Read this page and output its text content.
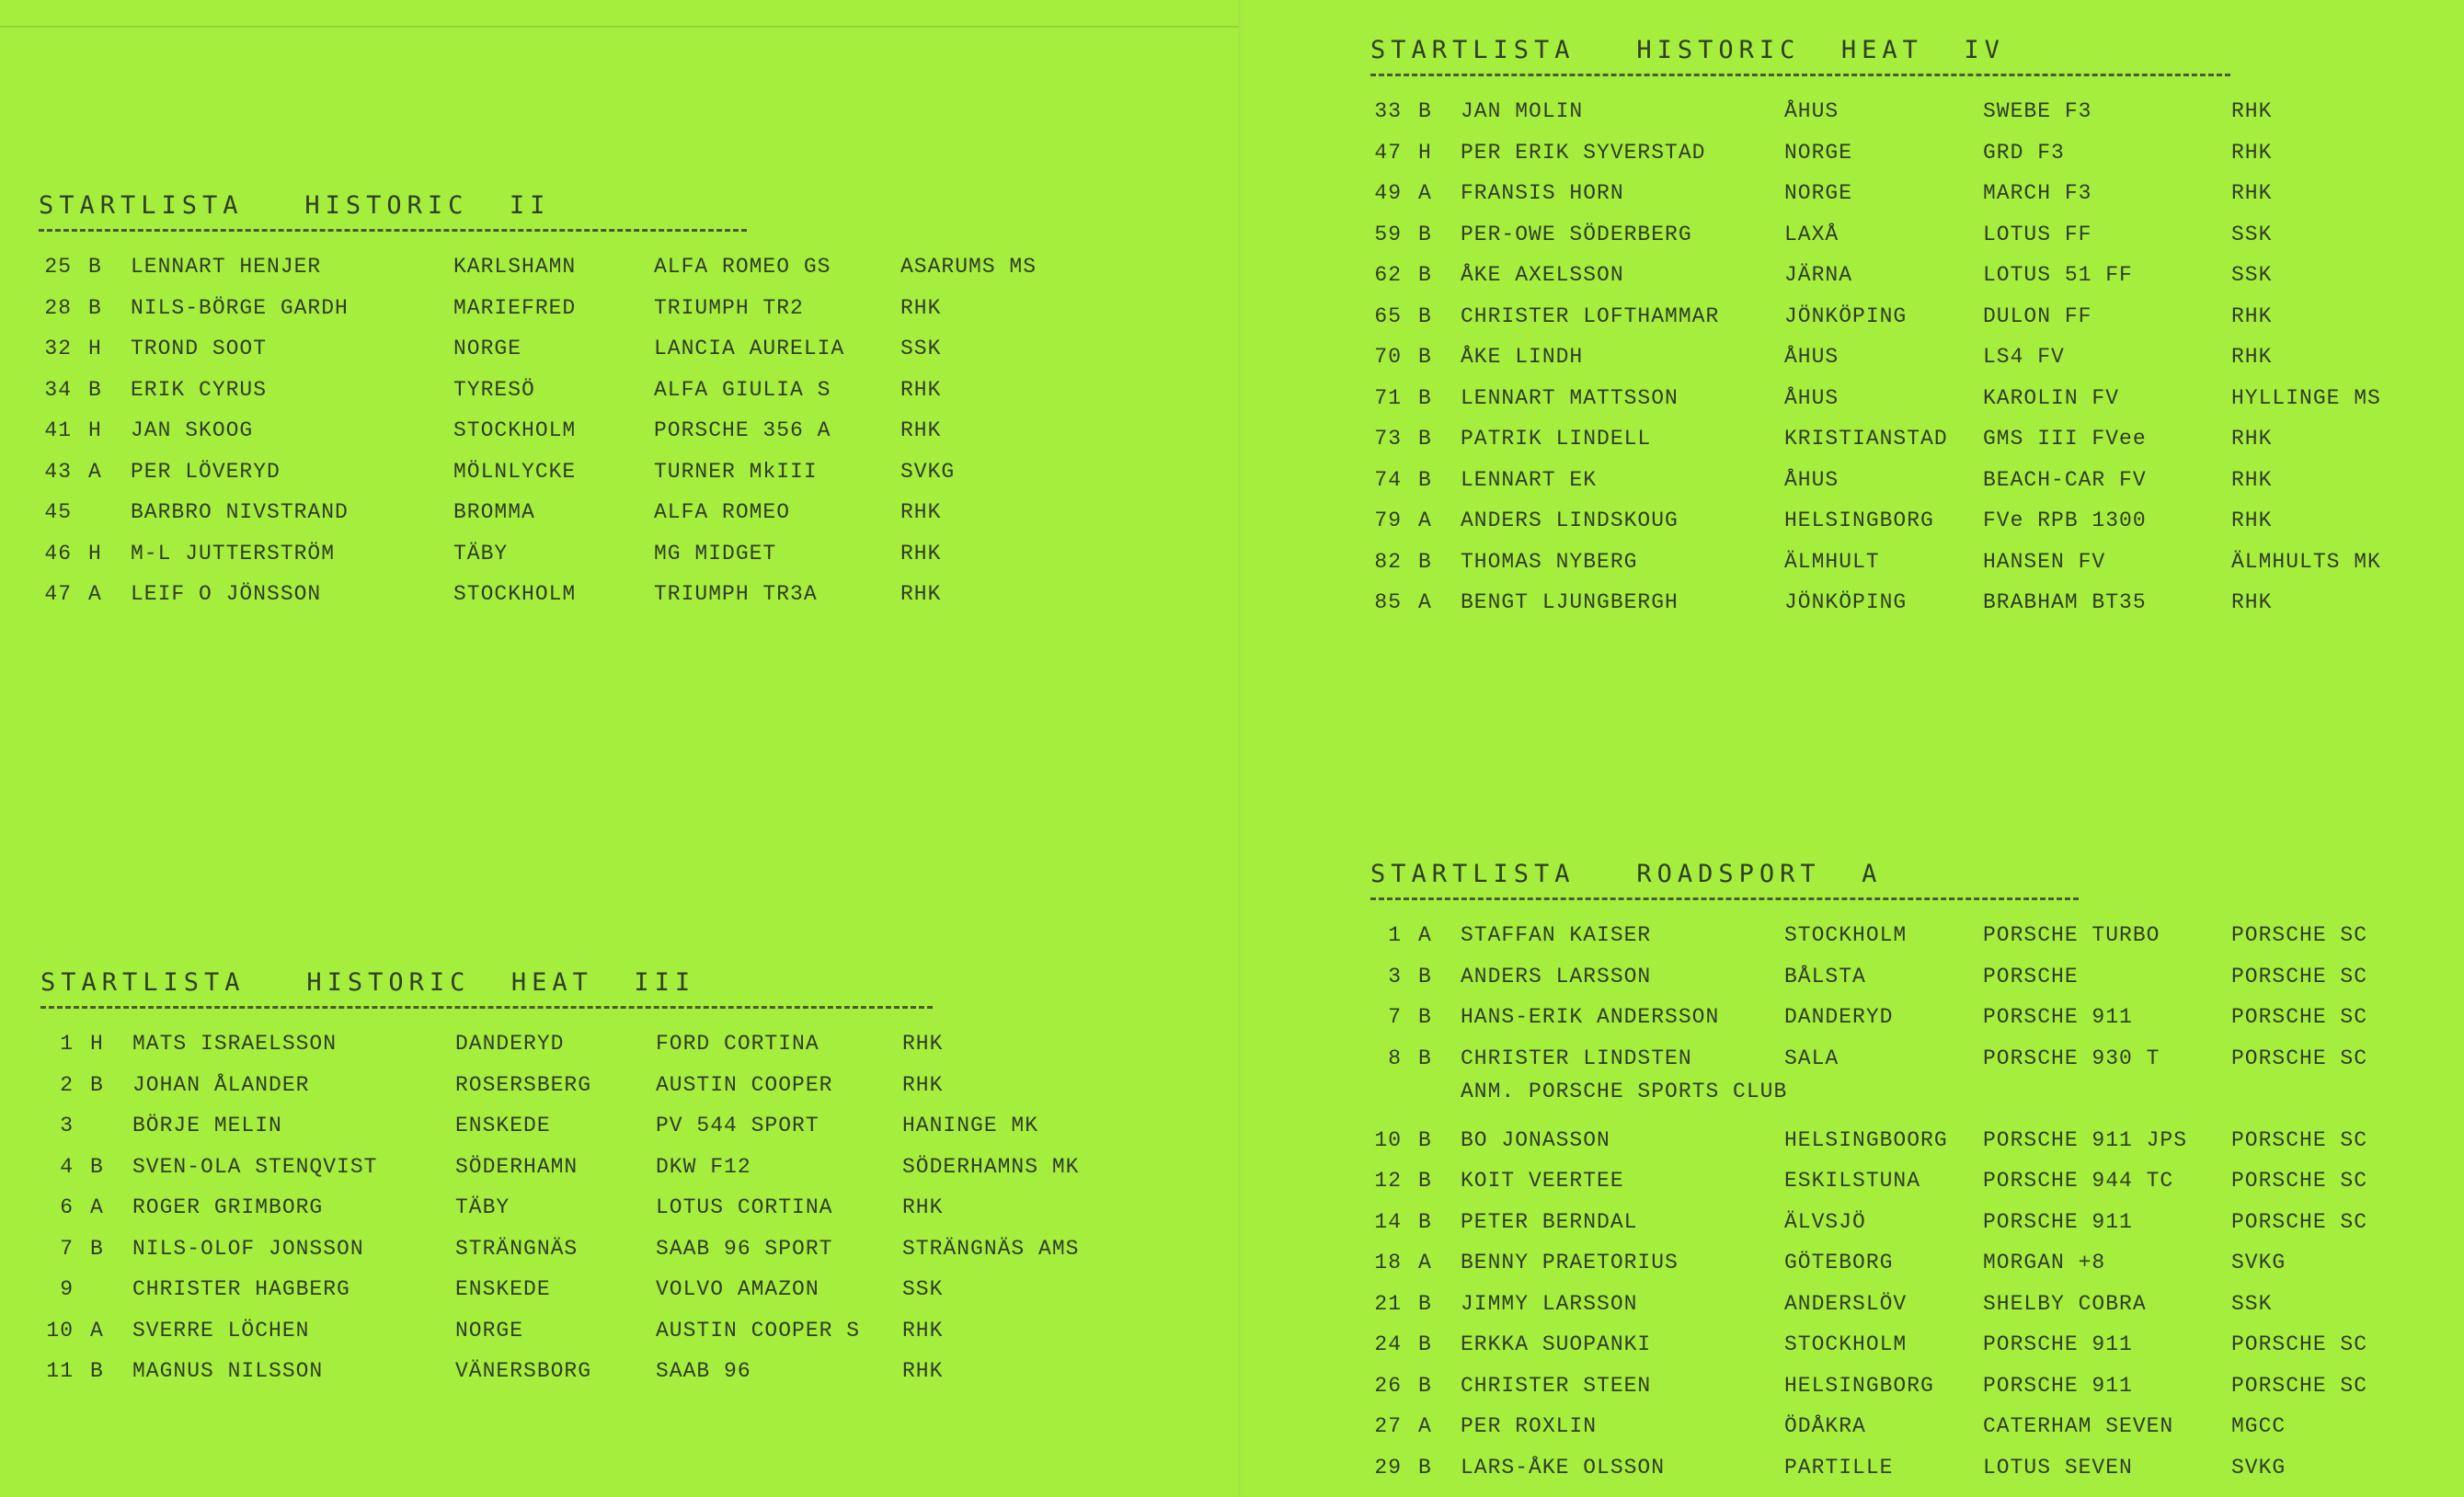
STARTLISTA   HISTORIC  II
25	B	LENNART HENJER	KARLSHAMN	ALFA ROMEO GS	ASARUMS MS
28	B	NILS-BÖRGE GARDH	MARIEFRED	TRIUMPH TR2	RHK
32	H	TROND SOOT	NORGE	LANCIA AURELIA	SSK
34	B	ERIK CYRUS	TYRESÖ	ALFA GIULIA S	RHK
41	H	JAN SKOOG	STOCKHOLM	PORSCHE 356 A	RHK
43	A	PER LÖVERYD	MÖLNLYCKE	TURNER MkIII	SVKG
45		BARBRO NIVSTRAND	BROMMA	ALFA ROMEO	RHK
46	H	M-L JUTTERSTRÖM	TÄBY	MG MIDGET	RHK
47	A	LEIF O JÖNSSON	STOCKHOLM	TRIUMPH TR3A	RHK
STARTLISTA   HISTORIC  HEAT  III
1	H	MATS ISRAELSSON	DANDERYD	FORD CORTINA	RHK
2	B	JOHAN ÅLANDER	ROSERSBERG	AUSTIN COOPER	RHK
3		BÖRJE MELIN	ENSKEDE	PV 544 SPORT	HANINGE MK
4	B	SVEN-OLA STENQVIST	SÖDERHAMN	DKW F12	SÖDERHAMNS MK
6	A	ROGER GRIMBORG	TÄBY	LOTUS CORTINA	RHK
7	B	NILS-OLOF JONSSON	STRÄNGNÄS	SAAB 96 SPORT	STRÄNGNÄS AMS
9		CHRISTER HAGBERG	ENSKEDE	VOLVO AMAZON	SSK
10	A	SVERRE LÖCHEN	NORGE	AUSTIN COOPER S	RHK
11	B	MAGNUS NILSSON	VÄNERSBORG	SAAB 96	RHK
STARTLISTA   HISTORIC  HEAT  IV
33	B	JAN MOLIN	ÅHUS	SWEBE F3	RHK
47	H	PER ERIK SYVERSTAD	NORGE	GRD F3	RHK
49	A	FRANSIS HORN	NORGE	MARCH F3	RHK
59	B	PER-OWE SÖDERBERG	LAXÅ	LOTUS FF	SSK
62	B	ÅKE AXELSSON	JÄRNA	LOTUS 51 FF	SSK
65	B	CHRISTER LOFTHAMMAR	JÖNKÖPING	DULON FF	RHK
70	B	ÅKE LINDH	ÅHUS	LS4 FV	RHK
71	B	LENNART MATTSSON	ÅHUS	KAROLIN FV	HYLLINGE MS
73	B	PATRIK LINDELL	KRISTIANSTAD	GMS III FVee	RHK
74	B	LENNART EK	ÅHUS	BEACH-CAR FV	RHK
79	A	ANDERS LINDSKOUG	HELSINGBORG	FVe RPB 1300	RHK
82	B	THOMAS NYBERG	ÄLMHULT	HANSEN FV	ÄLMHULTS MK
85	A	BENGT LJUNGBERGH	JÖNKÖPING	BRABHAM BT35	RHK
STARTLISTA   ROADSPORT  A
1	A	STAFFAN KAISER	STOCKHOLM	PORSCHE TURBO	PORSCHE SC
3	B	ANDERS LARSSON	BÅLSTA	PORSCHE	PORSCHE SC
7	B	HANS-ERIK ANDERSSON	DANDERYD	PORSCHE 911	PORSCHE SC
8	B	CHRISTER LINDSTEN	SALA	PORSCHE 930 T	PORSCHE SC

		ANM. PORSCHE SPORTS CLUB			

10	B	BO JONASSON	HELSINGBOORG	PORSCHE 911 JPS	PORSCHE SC
12	B	KOIT VEERTEE	ESKILSTUNA	PORSCHE 944 TC	PORSCHE SC
14	B	PETER BERNDAL	ÄLVSJÖ	PORSCHE 911	PORSCHE SC
18	A	BENNY PRAETORIUS	GÖTEBORG	MORGAN +8	SVKG
21	B	JIMMY LARSSON	ANDERSLÖV	SHELBY COBRA	SSK
24	B	ERKKA SUOPANKI	STOCKHOLM	PORSCHE 911	PORSCHE SC
26	B	CHRISTER STEEN	HELSINGBORG	PORSCHE 911	PORSCHE SC
27	A	PER ROXLIN	ÖDÅKRA	CATERHAM SEVEN	MGCC
29	B	LARS-ÅKE OLSSON	PARTILLE	LOTUS SEVEN	SVKG
